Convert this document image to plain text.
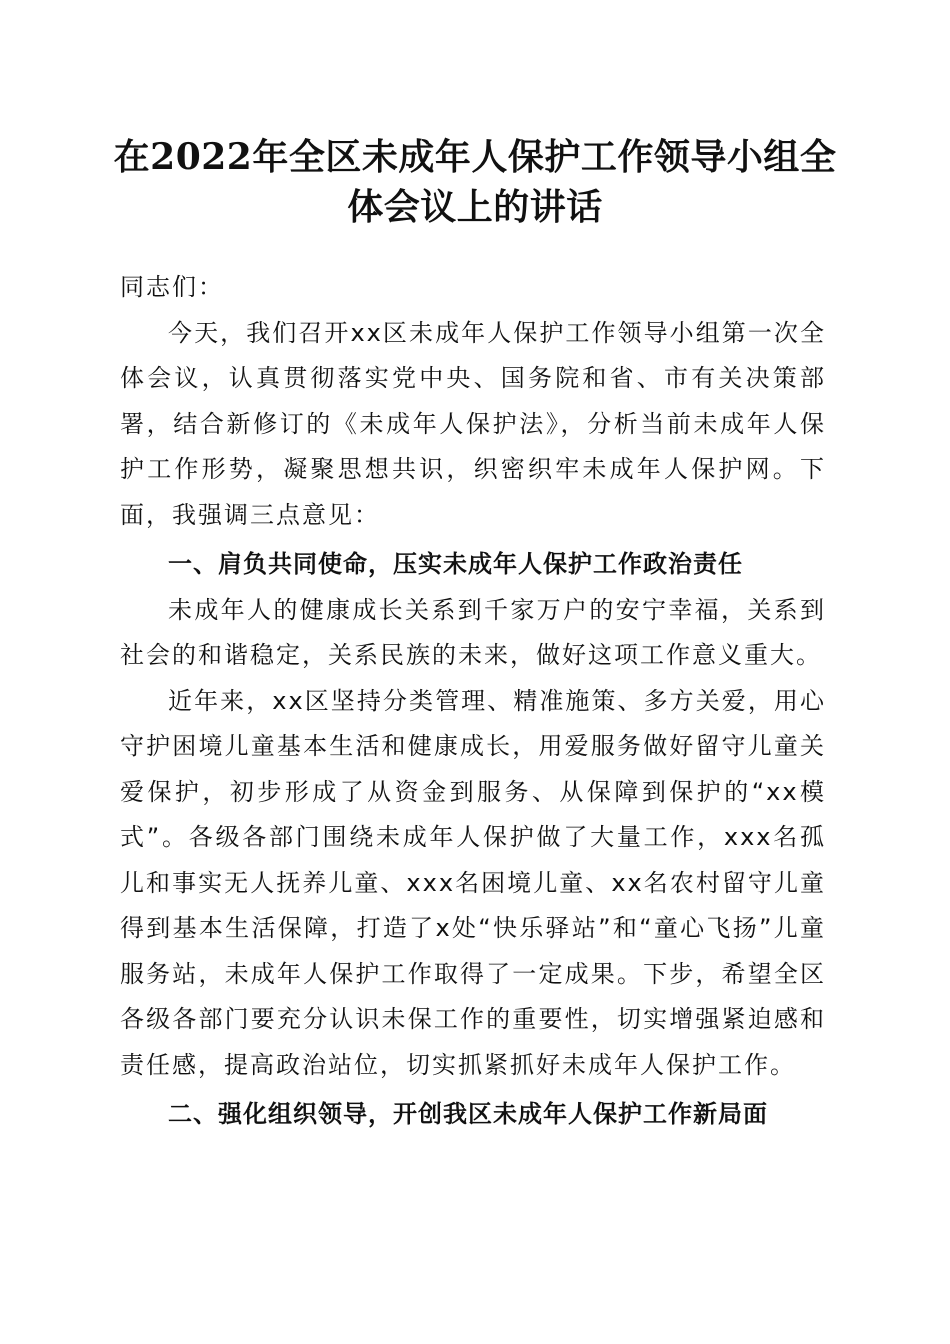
在2022年全区未成年人保护工作领导小组全体会议上的讲话

同志们：

今天，我们召开xx区未成年人保护工作领导小组第一次全体会议，认真贯彻落实党中央、国务院和省、市有关决策部署，结合新修订的《未成年人保护法》，分析当前未成年人保护工作形势，凝聚思想共识，织密织牢未成年人保护网。下面，我强调三点意见：

一、肩负共同使命，压实未成年人保护工作政治责任

未成年人的健康成长关系到千家万户的安宁幸福，关系到社会的和谐稳定，关系民族的未来，做好这项工作意义重大。

近年来，xx区坚持分类管理、精准施策、多方关爱，用心守护困境儿童基本生活和健康成长，用爱服务做好留守儿童关爱保护，初步形成了从资金到服务、从保障到保护的“xx模式”。各级各部门围绕未成年人保护做了大量工作，xxx名孤儿和事实无人抚养儿童、xxx名困境儿童、xx名农村留守儿童得到基本生活保障，打造了x处“快乐驿站”和“童心飞扬”儿童服务站，未成年人保护工作取得了一定成果。下步，希望全区各级各部门要充分认识未保工作的重要性，切实增强紧迫感和责任感，提高政治站位，切实抓紧抓好未成年人保护工作。

二、强化组织领导，开创我区未成年人保护工作新局面
